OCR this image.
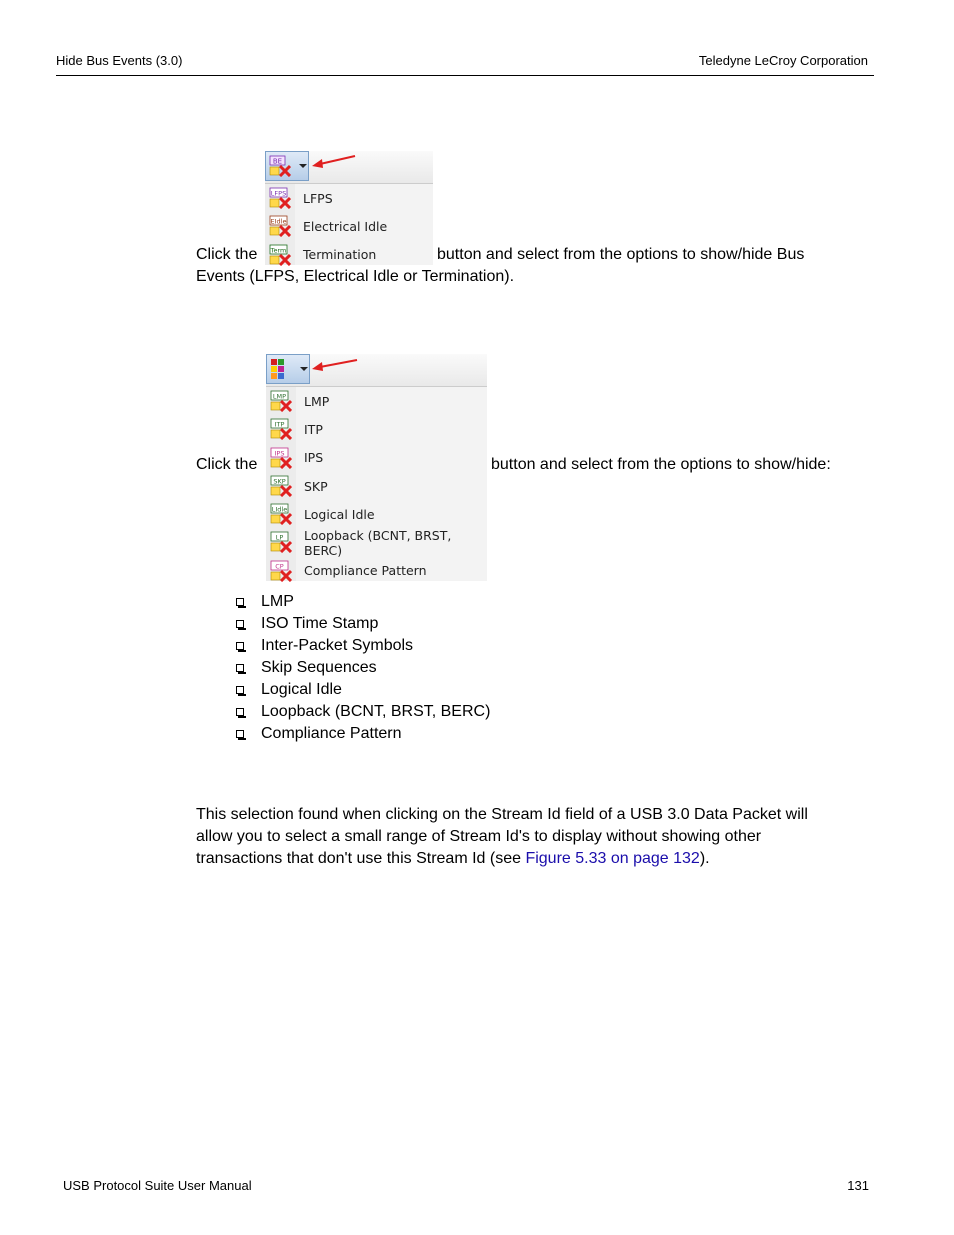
Hide Bus Events (3.0)	Teledyne LeCroy Corporation
BE
LFPS LFPS
EIdle Electrical Idle
Term Termination
Click the	button and select from the options to show/hide Bus
Events (LFPS, Electrical Idle or Termination).
LMP LMP
ITP ITP
IPS IPS
SKP SKP
LIdle Logical Idle
LP Loopback (BCNT, BRST, BERC)
CP Compliance Pattern
Click the	button and select from the options to show/hide:
LMP
ISO Time Stamp
Inter-Packet Symbols
Skip Sequences
Logical Idle
Loopback (BCNT, BRST, BERC)
Compliance Pattern
This selection found when clicking on the Stream Id field of a USB 3.0 Data Packet will
allow you to select a small range of Stream Id's to display without showing other
transactions that don't use this Stream Id (see Figure 5.33 on page 132).
USB Protocol Suite User Manual	131
